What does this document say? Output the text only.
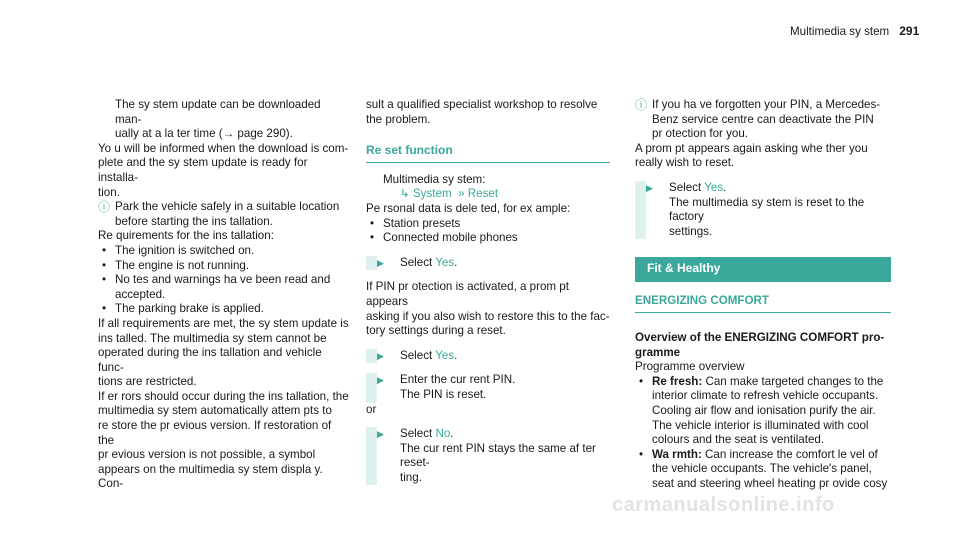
Multimedia sy stem 291

The sy stem update can be downloaded man‐

ually at a la ter time (→ page 290).

Yo u will be informed when the download is com‐

plete and the sy stem update is ready for installa‐

tion.

ⓘ Park the vehicle safely in a suitable location

before starting the ins tallation.

Re quirements for the ins tallation:

• The ignition is switched on.

• The engine is not running.

• No tes and warnings ha ve been read and

accepted.

• The parking brake is applied.

If all requirements are met, the sy stem update is

ins talled. The multimedia sy stem cannot be

operated during the ins tallation and vehicle func‐

tions are restricted.

If er rors should occur during the ins tallation, the

multimedia sy stem automatically attem pts to

re store the pr evious version. If restoration of the

pr evious version is not possible, a symbol

appears on the multimedia sy stem displa y. Con‐

sult a qualified specialist workshop to resolve

the problem.

Re set function

Multimedia sy stem:

↳ System  » Reset

Pe rsonal data is dele ted, for ex ample:

• Station presets

• Connected mobile phones

▶	Select Yes.

If PIN pr otection is activated, a prom pt appears

asking if you also wish to restore this to the fac‐

tory settings during a reset.

▶	Select Yes.

▶	Enter the cur rent PIN.

The PIN is reset.

or

▶	Select No.

The cur rent PIN stays the same af ter reset‐

ting.

ⓘ If you ha ve forgotten your PIN, a Mercedes-

Benz service centre can deactivate the PIN

pr otection for you.

A prom pt appears again asking whe ther you

really wish to reset.

▶	Select Yes.

The multimedia sy stem is reset to the factory

settings.

Fit & Healthy
ENERGIZING COMFORT

Overview of the ENERGIZING COMFORT pro‐

gramme

Programme overview

• Re fresh: Can make targeted changes to the

interior climate to refresh vehicle occupants.

Cooling air flow and ionisation purify the air.

The vehicle interior is illuminated with cool

colours and the seat is ventilated.

• Wa rmth: Can increase the comfort le vel of

the vehicle occupants. The vehicle's panel,

seat and steering wheel heating pr ovide cosy

carmanualsonline.info
